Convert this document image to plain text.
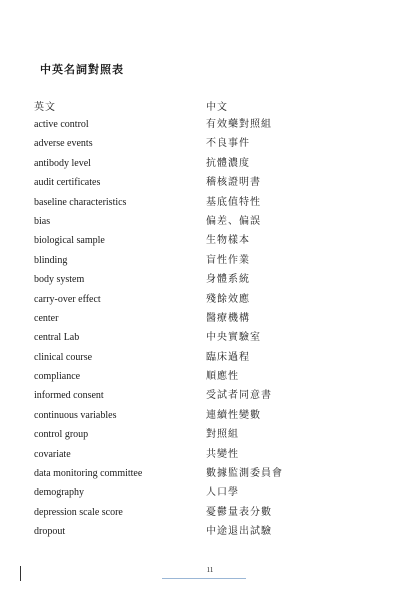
中英名詞對照表
英文	中文
active control	有效藥對照組
adverse events	不良事件
antibody level	抗體濃度
audit certificates	稽核證明書
baseline characteristics	基底值特性
bias	偏差、偏誤
biological sample	生物樣本
blinding	盲性作業
body system	身體系統
carry-over effect	殘餘效應
center	醫療機構
central Lab	中央實驗室
clinical course	臨床過程
compliance	順應性
informed consent	受試者同意書
continuous variables	連續性變數
control group	對照組
covariate	共變性
data monitoring committee	數據監測委員會
demography	人口學
depression scale score	憂鬱量表分數
dropout	中途退出試驗
11
